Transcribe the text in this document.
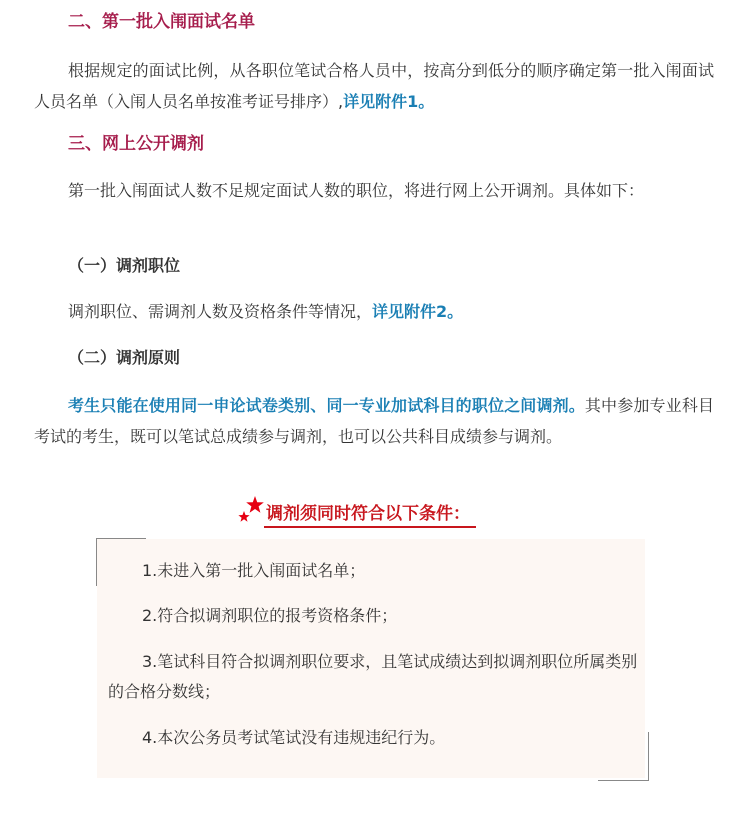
二、第一批入闱面试名单

根据规定的面试比例，从各职位笔试合格人员中，按高分到低分的顺序确定第一批入闱面试人员名单（入闱人员名单按准考证号排序）,详见附件1。

三、网上公开调剂

第一批入闱面试人数不足规定面试人数的职位，将进行网上公开调剂。具体如下：

（一）调剂职位

调剂职位、需调剂人数及资格条件等情况，详见附件2。

（二）调剂原则

考生只能在使用同一申论试卷类别、同一专业加试科目的职位之间调剂。其中参加专业科目考试的考生，既可以笔试总成绩参与调剂，也可以公共科目成绩参与调剂。

调剂须同时符合以下条件：

1.未进入第一批入闱面试名单；

2.符合拟调剂职位的报考资格条件；

3.笔试科目符合拟调剂职位要求，且笔试成绩达到拟调剂职位所属类别的合格分数线；

4.本次公务员考试笔试没有违规违纪行为。
